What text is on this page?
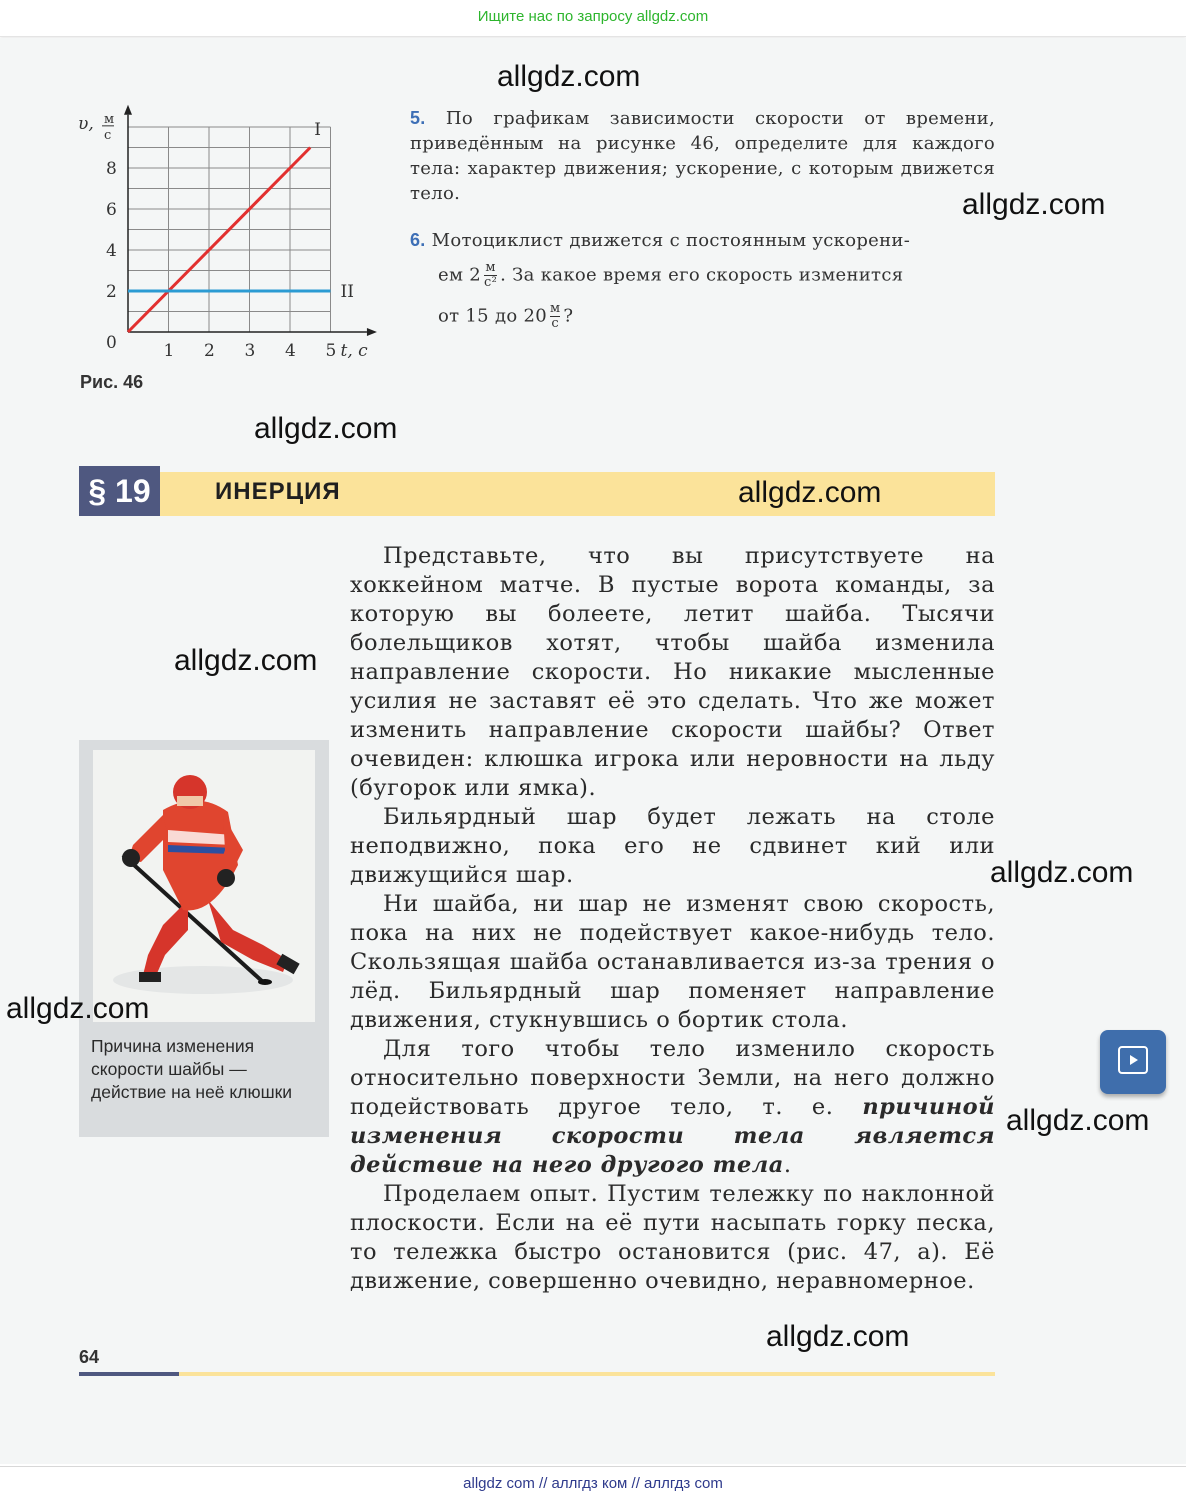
Ищите нас по запросу allgdz.com
0
2
4
6
8
1 2 3 4 5 t, с
υ, м
с	I
II
Рис. 46
5. По графикам зависимости скорости от времени, приведённым на рисунке 46, определите для каждого тела: характер движения; ускорение, с которым движется тело.
6. Мотоциклист движется с постоянным ускорени-
ем $2 \frac{м}{\text{с²}}$ . За какое время его скорость изменится
от 15 до $20 \frac{м}{с}$ ?
§ 19	ИНЕРЦИЯ
Причина изменения скорости шайбы — действие на неё клюшки

Представьте, что вы присутствуете на хоккейном матче. В пустые ворота команды, за которую вы болеете, летит шайба. Тысячи болельщиков хотят, чтобы шайба изменила направление скорости. Но никакие мысленные усилия не заставят её это сделать. Что же может изменить направление скорости шайбы? Ответ очевиден: клюшка игрока или неровности на льду (бугорок или ямка).

Бильярдный шар будет лежать на столе неподвижно, пока его не сдвинет кий или движущийся шар.

Ни шайба, ни шар не изменят свою скорость, пока на них не подействует какое-нибудь тело. Скользящая шайба останавливается из-за трения о лёд. Бильярдный шар поменяет направление движения, стукнувшись о бортик стола.

Для того чтобы тело изменило скорость относительно поверхности Земли, на него должно подействовать другое тело, т. е. причиной изменения скорости тела является действие на него другого тела.

Проделаем опыт. Пустим тележку по наклонной плоскости. Если на её пути насыпать горку песка, то тележка быстро остановится (рис. 47, а). Её движение, совершенно очевидно, неравномерное.

64
allgdz.com
allgdz.com
allgdz.com
allgdz.com
allgdz.com
allgdz.com
allgdz.com
allgdz.com
allgdz.com
allgdz com // аллгдз ком // аллгдз com
